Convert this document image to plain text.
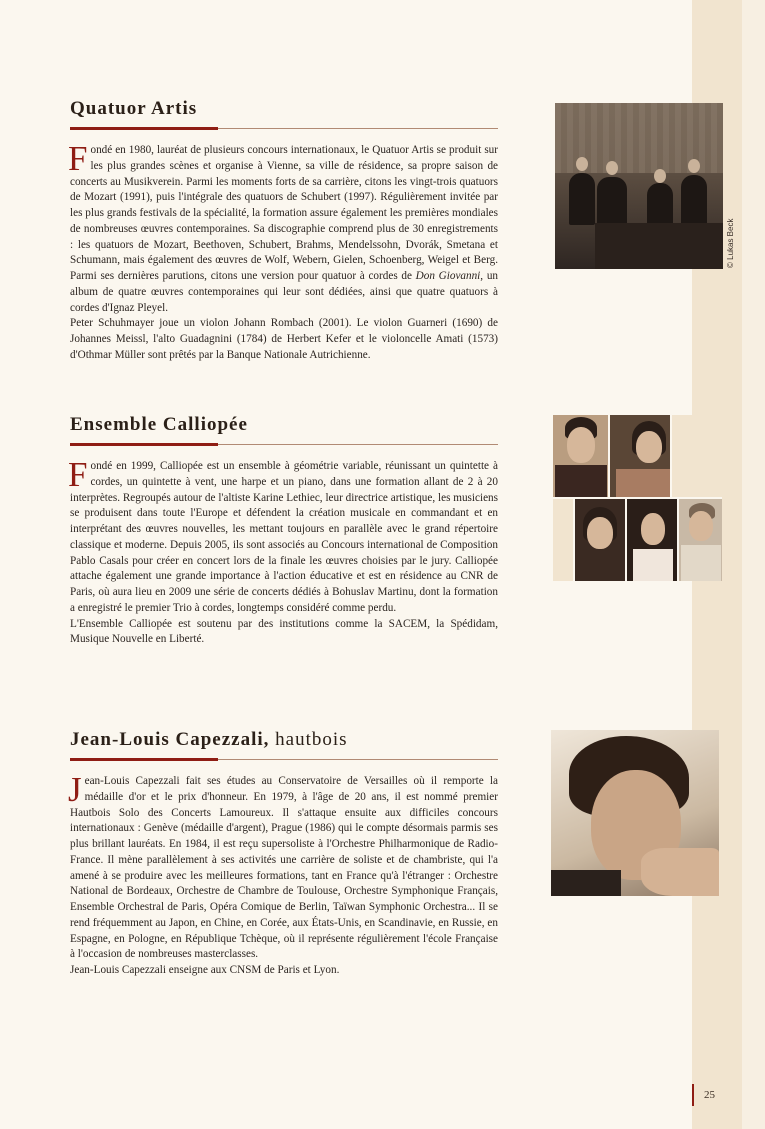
Quatuor Artis

Fondé en 1980, lauréat de plusieurs concours internationaux, le Quatuor Artis se produit sur les plus grandes scènes et organise à Vienne, sa ville de résidence, sa propre saison de concerts au Musikverein. Parmi les moments forts de sa carrière, citons les vingt-trois quatuors de Mozart (1991), puis l'intégrale des quatuors de Schubert (1997). Régulièrement invitée par les plus grands festivals de la spécialité, la formation assure également les premières mondiales de nombreuses œuvres contemporaines. Sa discographie comprend plus de 30 enregistrements : les quatuors de Mozart, Beethoven, Schubert, Brahms, Mendelssohn, Dvorák, Smetana et Schumann, mais également des œuvres de Wolf, Webern, Gielen, Schoenberg, Weigel et Berg. Parmi ses dernières parutions, citons une version pour quatuor à cordes de Don Giovanni, un album de quatre œuvres contemporaines qui leur sont dédiées, ainsi que quatre quatuors à cordes d'Ignaz Pleyel.

Peter Schuhmayer joue un violon Johann Rombach (2001). Le violon Guarneri (1690) de Johannes Meissl, l'alto Guadagnini (1784) de Herbert Kefer et le violoncelle Amati (1573) d'Othmar Müller sont prêtés par la Banque Nationale Autrichienne.

© Lukas Beck
Ensemble Calliopée

Fondé en 1999, Calliopée est un ensemble à géométrie variable, réunissant un quintette à cordes, un quintette à vent, une harpe et un piano, dans une formation allant de 2 à 20 interprètes. Regroupés autour de l'altiste Karine Lethiec, leur directrice artistique, les musiciens se produisent dans toute l'Europe et défendent la création musicale en commandant et en interprétant des œuvres nouvelles, les mettant toujours en parallèle avec le grand répertoire classique et moderne. Depuis 2005, ils sont associés au Concours international de Composition Pablo Casals pour créer en concert lors de la finale les œuvres choisies par le jury. Calliopée attache également une grande importance à l'action éducative et est en résidence au CNR de Paris, où aura lieu en 2009 une série de concerts dédiés à Bohuslav Martinu, dont la formation a enregistré le premier Trio à cordes, longtemps considéré comme perdu.

L'Ensemble Calliopée est soutenu par des institutions comme la SACEM, la Spédidam, Musique Nouvelle en Liberté.

Jean-Louis Capezzali, hautbois

Jean-Louis Capezzali fait ses études au Conservatoire de Versailles où il remporte la médaille d'or et le prix d'honneur. En 1979, à l'âge de 20 ans, il est nommé premier Hautbois Solo des Concerts Lamoureux. Il s'attaque ensuite aux difficiles concours internationaux : Genève (médaille d'argent), Prague (1986) qui le compte désormais parmis ses plus brillant lauréats. En 1984, il est reçu supersoliste à l'Orchestre Philharmonique de Radio-France. Il mène parallèlement à ses activités une carrière de soliste et de chambriste, qui l'a amené à se produire avec les meilleures formations, tant en France qu'à l'étranger : Orchestre National de Bordeaux, Orchestre de Chambre de Toulouse, Orchestre Symphonique Français, Ensemble Orchestral de Paris, Opéra Comique de Berlin, Taïwan Symphonic Orchestra... Il se rend fréquemment au Japon, en Chine, en Corée, aux États-Unis, en Scandinavie, en Russie, en Espagne, en Pologne, en République Tchèque, où il représente régulièrement l'école Française à l'occasion de nombreuses masterclasses.

Jean-Louis Capezzali enseigne aux CNSM de Paris et Lyon.

25
